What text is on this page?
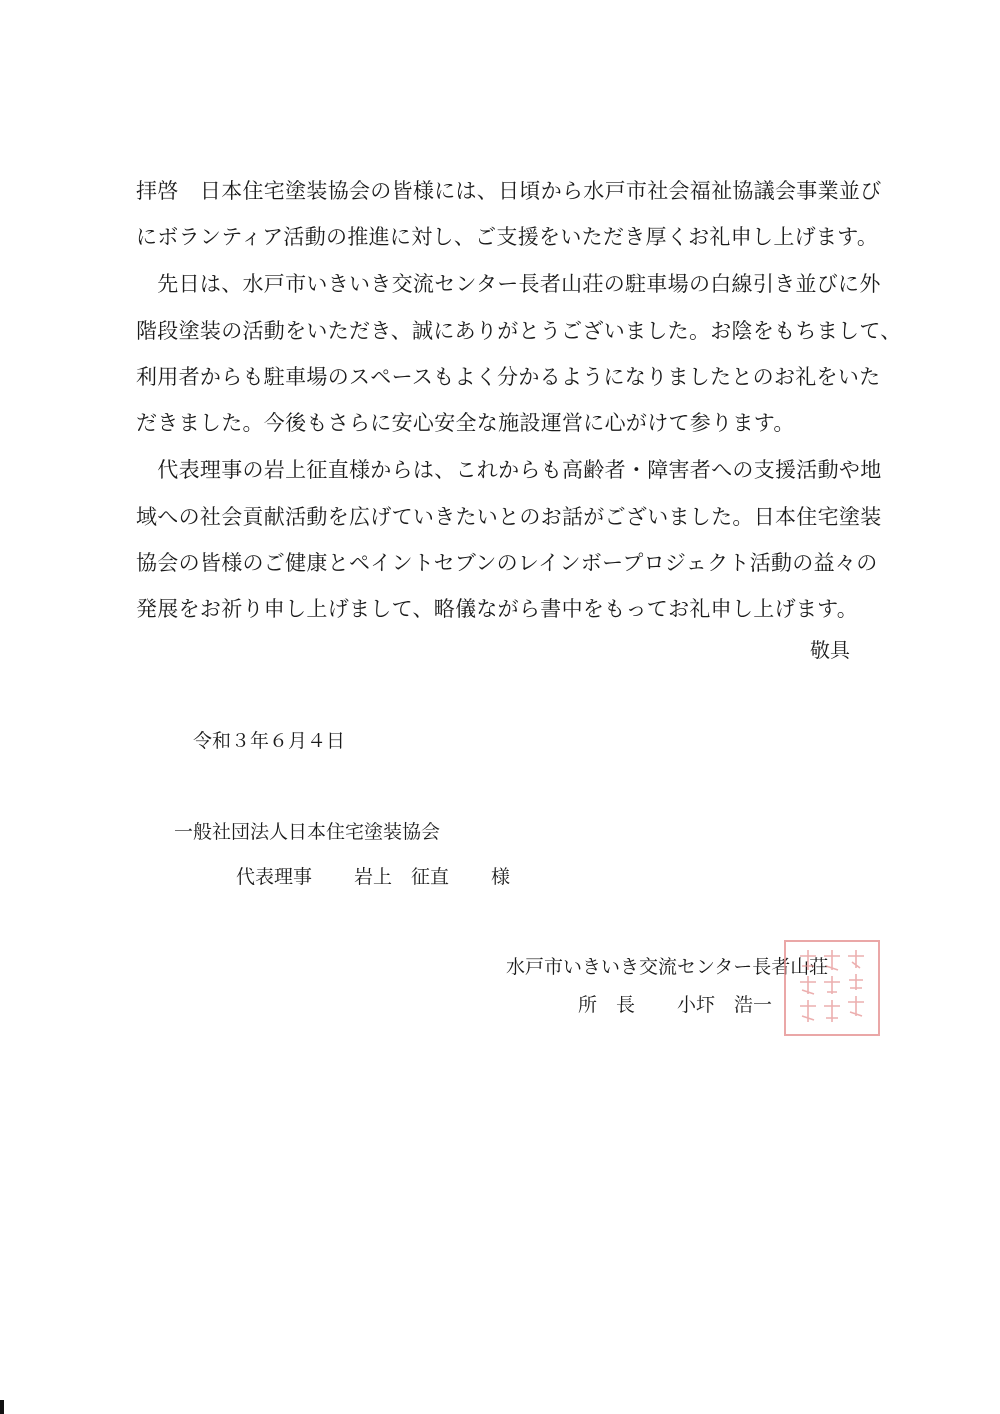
拝啓　日本住宅塗装協会の皆様には、日頃から水戸市社会福祉協議会事業並び
にボランティア活動の推進に対し、ご支援をいただき厚くお礼申し上げます。
　先日は、水戸市いきいき交流センター長者山荘の駐車場の白線引き並びに外
階段塗装の活動をいただき、誠にありがとうございました。お陰をもちまして、
利用者からも駐車場のスペースもよく分かるようになりましたとのお礼をいた
だきました。今後もさらに安心安全な施設運営に心がけて参ります。
　代表理事の岩上征直様からは、これからも高齢者・障害者への支援活動や地
域への社会貢献活動を広げていきたいとのお話がございました。日本住宅塗装
協会の皆様のご健康とペイントセブンのレインボープロジェクト活動の益々の
発展をお祈り申し上げまして、略儀ながら書中をもってお礼申し上げます。
敬具
令和３年６月４日
一般社団法人日本住宅塗装協会
代表理事 岩上　征直 様
水戸市いきいき交流センター長者山荘
所　長 小圷　浩一
